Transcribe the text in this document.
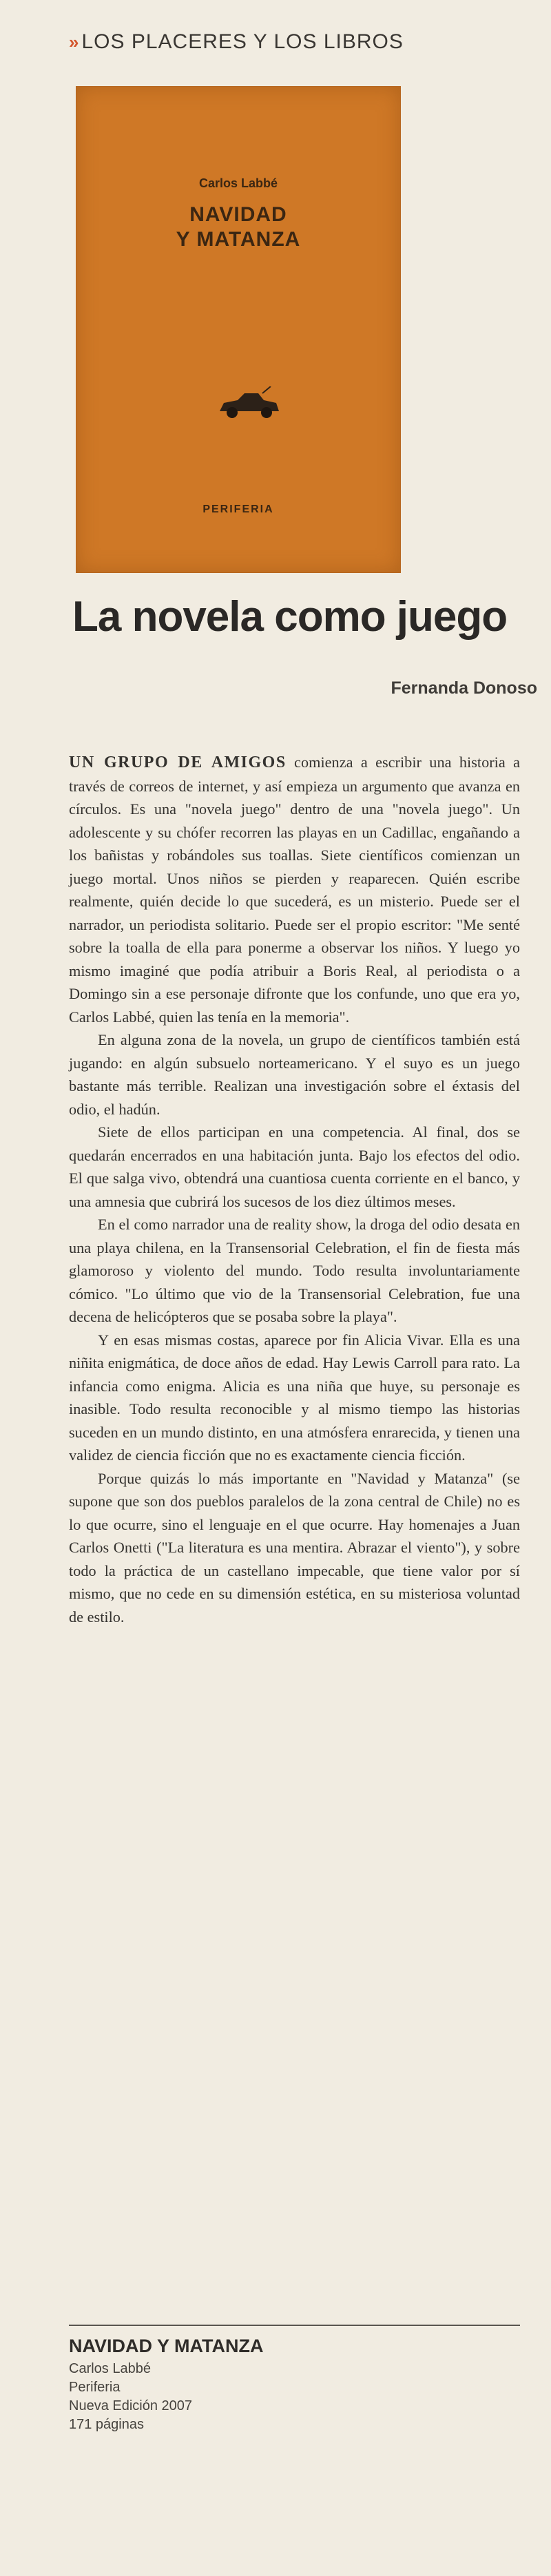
» LOS PLACERES Y LOS LIBROS
Carlos Labbé
NAVIDAD
Y MATANZA
PERIFERIA
La novela como juego
Fernanda Donoso

UN GRUPO DE AMIGOS comienza a escribir una historia a través de correos de internet, y así empieza un argumento que avanza en círculos. Es una "novela juego" dentro de una "novela juego". Un adolescente y su chófer recorren las playas en un Cadillac, engañando a los bañistas y robándoles sus toallas. Siete científicos comienzan un juego mortal. Unos niños se pierden y reaparecen. Quién escribe realmente, quién decide lo que sucederá, es un misterio. Puede ser el narrador, un periodista solitario. Puede ser el propio escritor: "Me senté sobre la toalla de ella para ponerme a observar los niños. Y luego yo mismo imaginé que podía atribuir a Boris Real, al periodista o a Domingo sin a ese personaje difronte que los confunde, uno que era yo, Carlos Labbé, quien las tenía en la memoria".

En alguna zona de la novela, un grupo de científicos también está jugando: en algún subsuelo norteamericano. Y el suyo es un juego bastante más terrible. Realizan una investigación sobre el éxtasis del odio, el hadún.

Siete de ellos participan en una competencia. Al final, dos se quedarán encerrados en una habitación junta. Bajo los efectos del odio. El que salga vivo, obtendrá una cuantiosa cuenta corriente en el banco, y una amnesia que cubrirá los sucesos de los diez últimos meses.

En el como narrador una de reality show, la droga del odio desata en una playa chilena, en la Transensorial Celebration, el fin de fiesta más glamoroso y violento del mundo. Todo resulta involuntariamente cómico. "Lo último que vio de la Transensorial Celebration, fue una decena de helicópteros que se posaba sobre la playa".

Y en esas mismas costas, aparece por fin Alicia Vivar. Ella es una niñita enigmática, de doce años de edad. Hay Lewis Carroll para rato. La infancia como enigma. Alicia es una niña que huye, su personaje es inasible. Todo resulta reconocible y al mismo tiempo las historias suceden en un mundo distinto, en una atmósfera enrarecida, y tienen una validez de ciencia ficción que no es exactamente ciencia ficción.

Porque quizás lo más importante en "Navidad y Matanza" (se supone que son dos pueblos paralelos de la zona central de Chile) no es lo que ocurre, sino el lenguaje en el que ocurre. Hay homenajes a Juan Carlos Onetti ("La literatura es una mentira. Abrazar el viento"), y sobre todo la práctica de un castellano impecable, que tiene valor por sí mismo, que no cede en su dimensión estética, en su misteriosa voluntad de estilo.

NAVIDAD Y MATANZA
Carlos Labbé
Periferia
Nueva Edición 2007
171 páginas
